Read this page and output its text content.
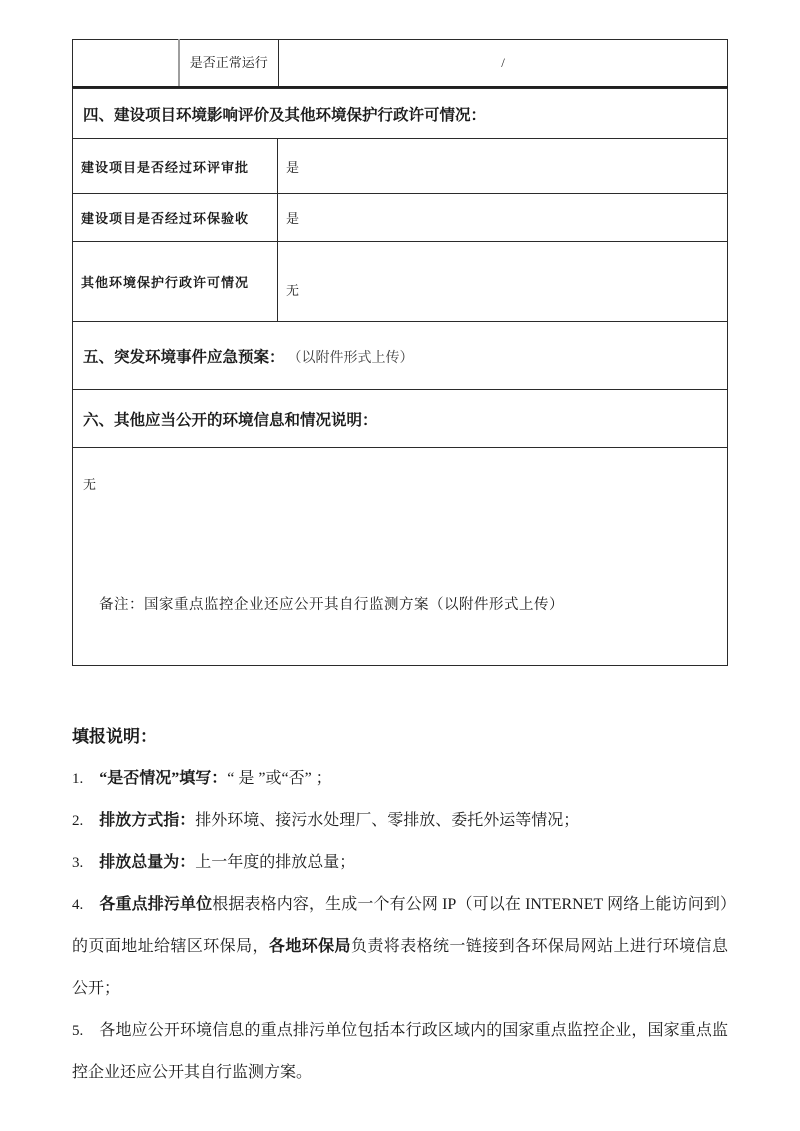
	是否正常运行	/
四、建设项目环境影响评价及其他环境保护行政许可情况：	
建设项目是否经过环评审批	是
建设项目是否经过环保验收	是
其他环境保护行政许可情况	无
五、突发环境事件应急预案： （以附件形式上传）	
六、其他应当公开的环境信息和情况说明：	

无
备注：国家重点监控企业还应公开其自行监测方案（以附件形式上传）	

填报说明：

1. “是否情况”填写：“ 是 ”或“否” ；

2. 排放方式指：排外环境、接污水处理厂、零排放、委托外运等情况；

3. 排放总量为：上一年度的排放总量；

4. 各重点排污单位根据表格内容，生成一个有公网 IP（可以在 INTERNET 网络上能访问到）的页面地址给辖区环保局，各地环保局负责将表格统一链接到各环保局网站上进行环境信息公开；

5. 各地应公开环境信息的重点排污单位包括本行政区域内的国家重点监控企业，国家重点监控企业还应公开其自行监测方案。
